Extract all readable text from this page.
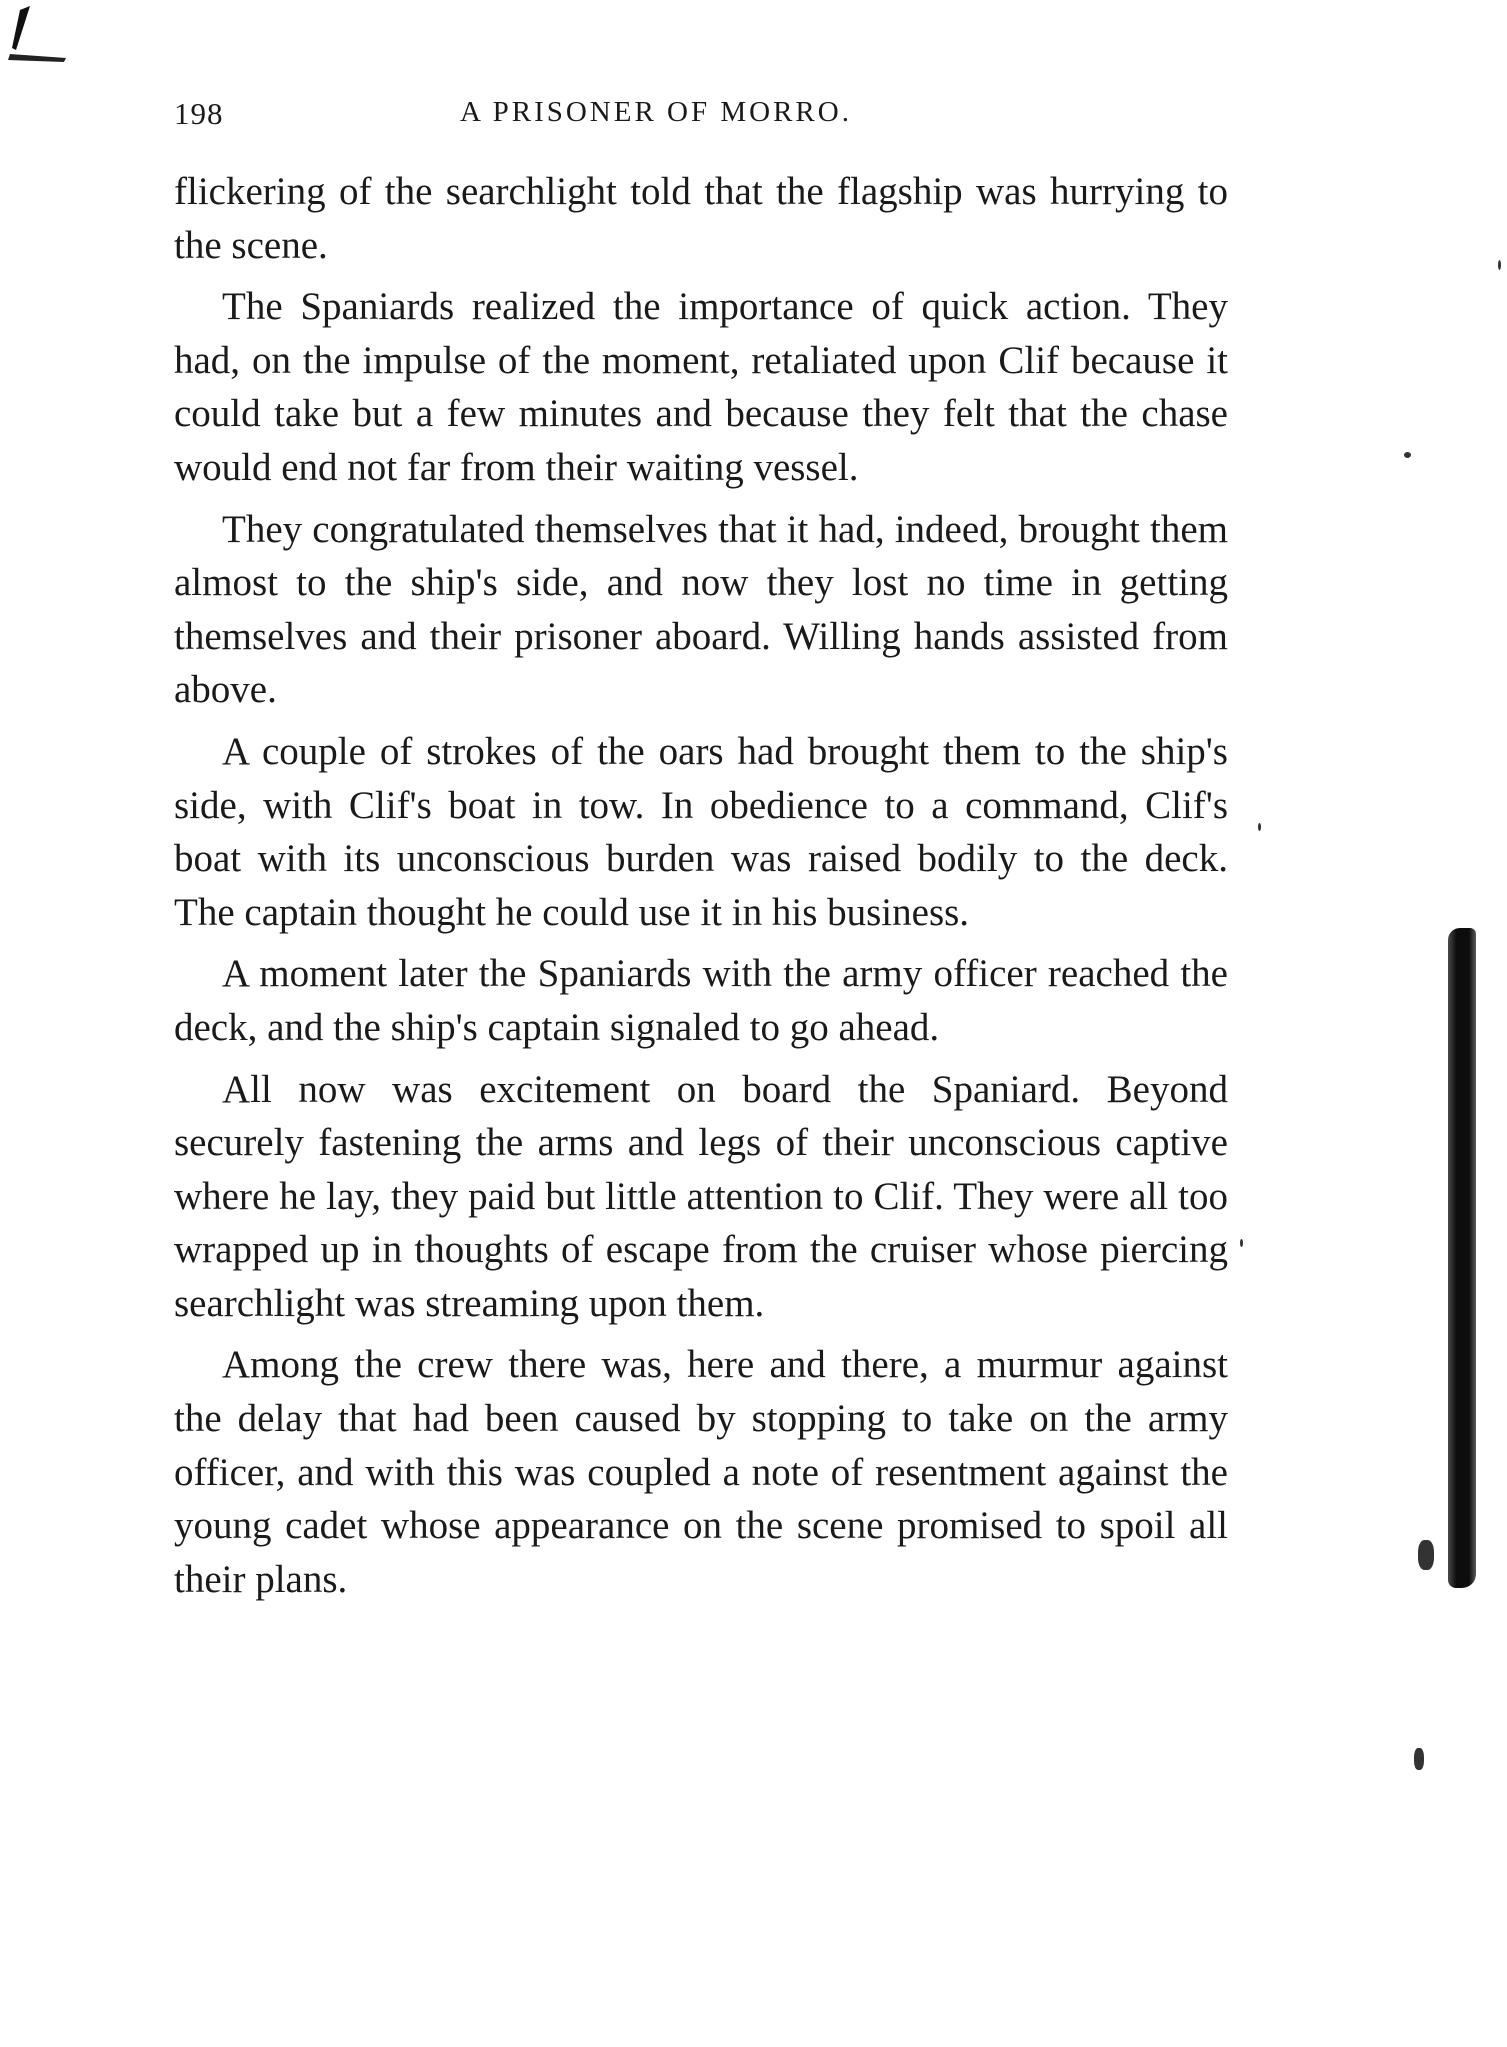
198	A PRISONER OF MORRO.

flickering of the searchlight told that the flagship was hurrying to the scene.

The Spaniards realized the importance of quick action. They had, on the impulse of the moment, retaliated upon Clif because it could take but a few minutes and because they felt that the chase would end not far from their waiting vessel.

They congratulated themselves that it had, indeed, brought them almost to the ship's side, and now they lost no time in getting themselves and their prisoner aboard. Willing hands assisted from above.

A couple of strokes of the oars had brought them to the ship's side, with Clif's boat in tow. In obedience to a command, Clif's boat with its unconscious burden was raised bodily to the deck. The captain thought he could use it in his business.

A moment later the Spaniards with the army officer reached the deck, and the ship's captain signaled to go ahead.

All now was excitement on board the Spaniard. Beyond securely fastening the arms and legs of their unconscious captive where he lay, they paid but little attention to Clif. They were all too wrapped up in thoughts of escape from the cruiser whose piercing searchlight was streaming upon them.

Among the crew there was, here and there, a murmur against the delay that had been caused by stopping to take on the army officer, and with this was coupled a note of resentment against the young cadet whose appearance on the scene promised to spoil all their plans.
